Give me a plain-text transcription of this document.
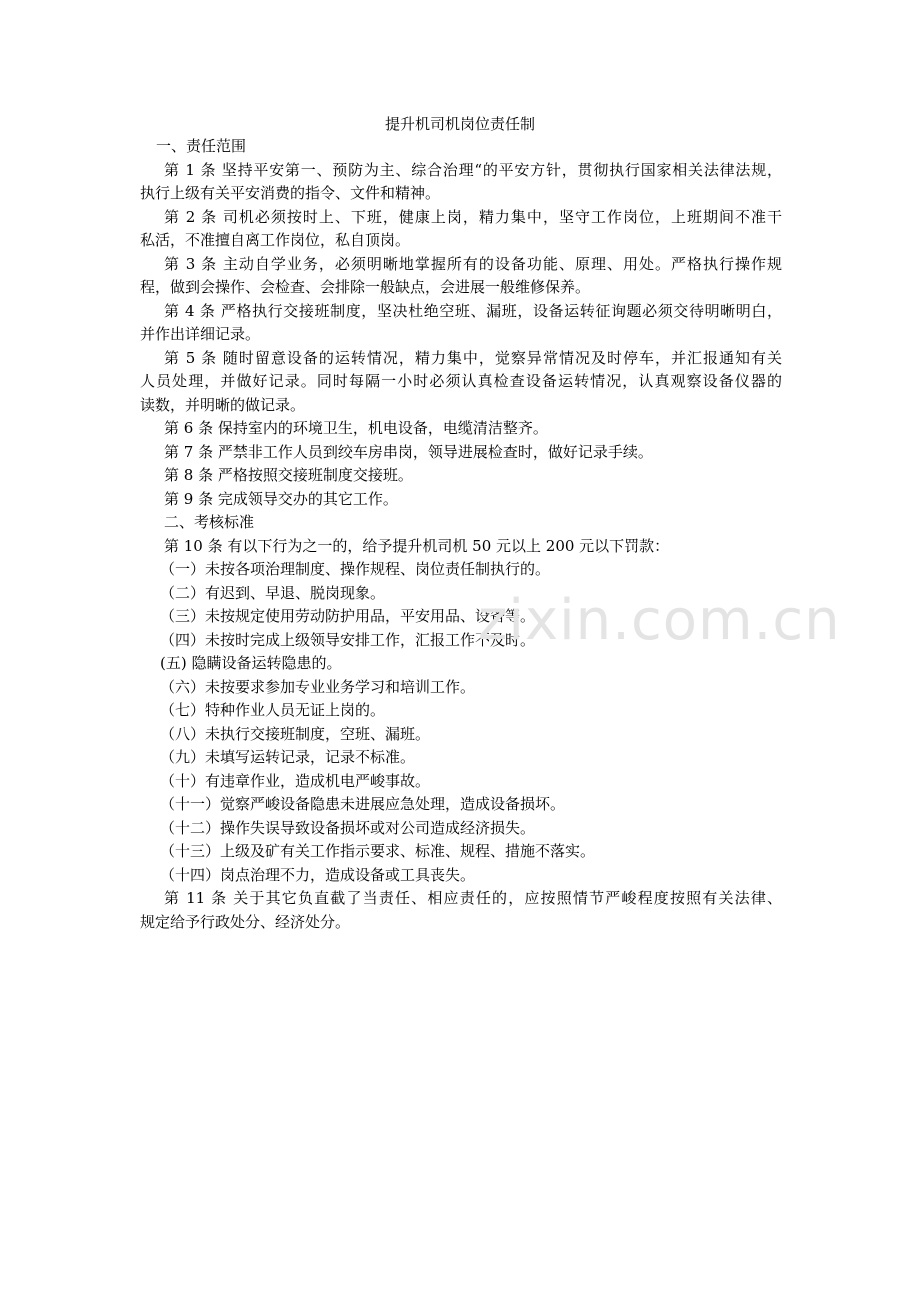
提升机司机岗位责任制
一、责任范围
第 1 条 坚持平安第一、预防为主、综合治理“的平安方针，贯彻执行国家相关法律法规，
执行上级有关平安消费的指令、文件和精神。
第 2 条 司机必须按时上、下班，健康上岗，精力集中，坚守工作岗位，上班期间不准干
私活，不准擅自离工作岗位，私自顶岗。
第 3 条 主动自学业务，必须明晰地掌握所有的设备功能、原理、用处。严格执行操作规
程，做到会操作、会检查、会排除一般缺点，会进展一般维修保养。
第 4 条 严格执行交接班制度，坚决杜绝空班、漏班，设备运转征询题必须交待明晰明白，
并作出详细记录。
第 5 条 随时留意设备的运转情况，精力集中，觉察异常情况及时停车，并汇报通知有关
人员处理，并做好记录。同时每隔一小时必须认真检查设备运转情况，认真观察设备仪器的
读数，并明晰的做记录。
第 6 条 保持室内的环境卫生，机电设备，电缆清洁整齐。
第 7 条 严禁非工作人员到绞车房串岗，领导进展检查时，做好记录手续。
第 8 条 严格按照交接班制度交接班。
第 9 条 完成领导交办的其它工作。
二、考核标准
第 10 条 有以下行为之一的，给予提升机司机 50 元以上 200 元以下罚款：
（一）未按各项治理制度、操作规程、岗位责任制执行的。
（二）有迟到、早退、脱岗现象。
（三）未按规定使用劳动防护用品，平安用品、设备等。
（四）未按时完成上级领导安排工作，汇报工作不及时。
(五) 隐瞒设备运转隐患的。
（六）未按要求参加专业业务学习和培训工作。
（七）特种作业人员无证上岗的。
（八）未执行交接班制度，空班、漏班。
（九）未填写运转记录，记录不标准。
（十）有违章作业，造成机电严峻事故。
（十一）觉察严峻设备隐患未进展应急处理，造成设备损坏。
（十二）操作失误导致设备损坏或对公司造成经济损失。
（十三）上级及矿有关工作指示要求、标准、规程、措施不落实。
（十四）岗点治理不力，造成设备或工具丧失。
第 11 条 关于其它负直截了当责任、相应责任的，应按照情节严峻程度按照有关法律、
规定给予行政处分、经济处分。
zixin.com.cn
